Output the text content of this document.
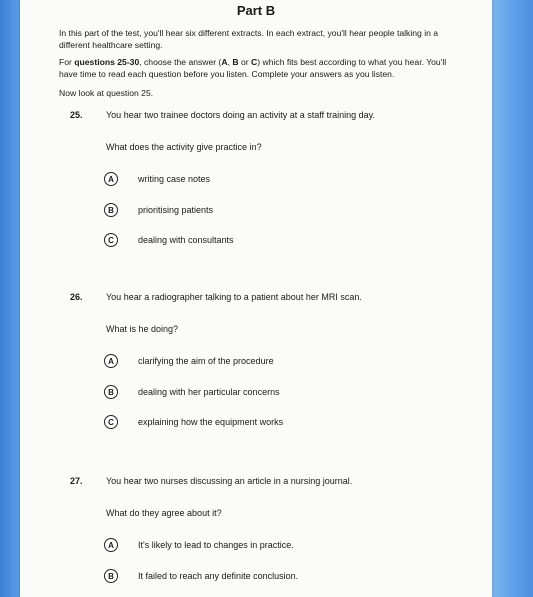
Part B
In this part of the test, you'll hear six different extracts. In each extract, you'll hear people talking in a different healthcare setting.
For questions 25-30, choose the answer (A, B or C) which fits best according to what you hear. You'll have time to read each question before you listen. Complete your answers as you listen.
Now look at question 25.
25.	You hear two trainee doctors doing an activity at a staff training day.
What does the activity give practice in?
A	writing case notes
B	prioritising patients
C	dealing with consultants
26.	You hear a radiographer talking to a patient about her MRI scan.
What is he doing?
A	clarifying the aim of the procedure
B	dealing with her particular concerns
C	explaining how the equipment works
27.	You hear two nurses discussing an article in a nursing journal.
What do they agree about it?
A	It's likely to lead to changes in practice.
B	It failed to reach any definite conclusion.
